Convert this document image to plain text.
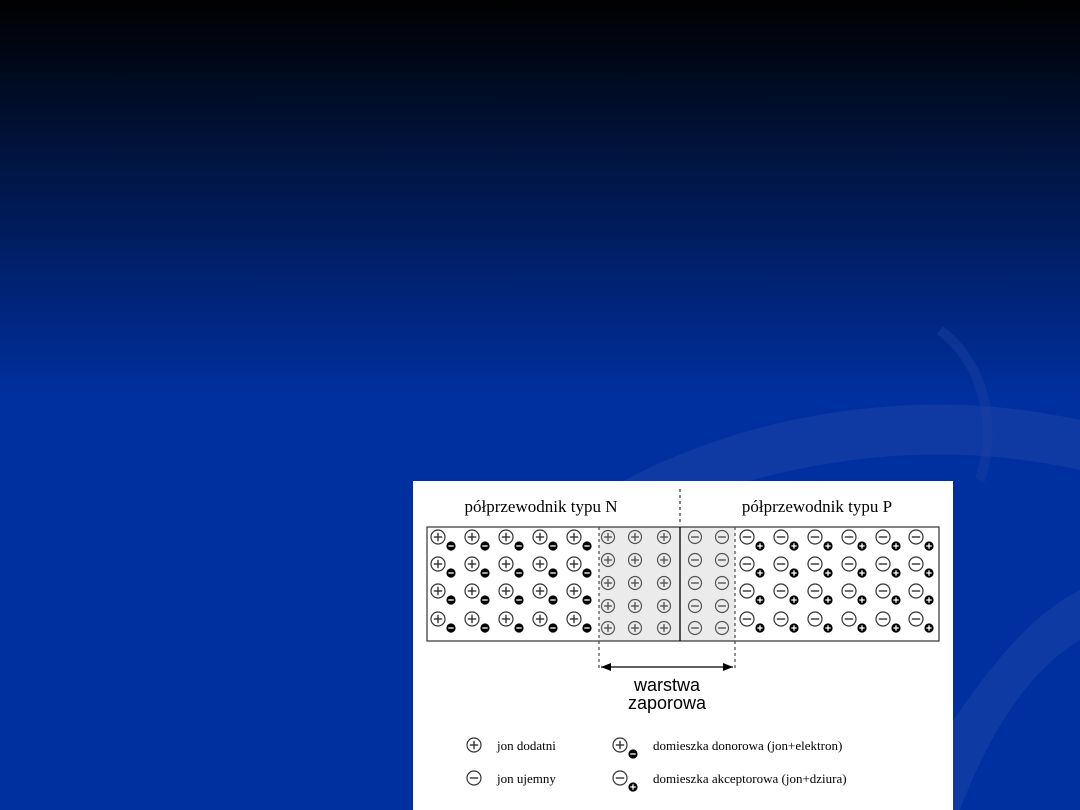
półprzewodnik typu N	półprzewodnik typu P
warstwa
zaporowa
jon dodatni
jon ujemny
domieszka donorowa (jon+elektron)
domieszka akceptorowa (jon+dziura)
